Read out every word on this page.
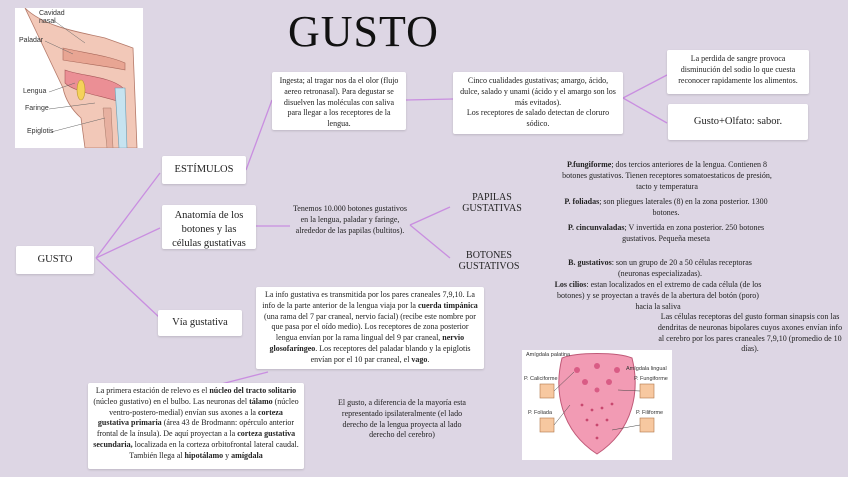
GUSTO
Cavidad nasal
Paladar
Lengua
Faringe
Epiglotis
GUSTO
ESTÍMULOS
Anatomía de los botones y las células gustativas
Vía gustativa
Ingesta; al tragar nos da el olor (flujo aereo retronasal). Para degustar se disuelven las moléculas con saliva para llegar a los receptores de la lengua.
Cinco cualidades gustativas; amargo, ácido, dulce, salado y unami (ácido y el amargo son los más evitados).
Los receptores de salado detectan de cloruro sódico.
La perdida de sangre provoca disminución del sodio lo que cuesta reconocer rapidamente los alimentos.
Gusto+Olfato: sabor.
Tenemos 10.000 botones gustativos en la lengua, paladar y faringe, alrededor de las papilas (bultitos).
PAPILAS GUSTATIVAS
BOTONES GUSTATIVOS
P.fungiforme; dos tercios anteriores de la lengua. Contienen 8 botones gustativos. Tienen receptores somatoestaticos de presión, tacto y temperatura
P. foliadas; son pliegues laterales (8) en la zona posterior. 1300 botones.
P. cincunvaladas; V invertida en zona posterior. 250 botones gustativos. Pequeña meseta
B. gustativos: son un grupo de 20 a 50 células receptoras (neuronas especializadas).
Los cilios: estan localizados en el extremo de cada célula (de los botones) y se proyectan a través de la abertura del botón (poro) hacia la saliva
Las células receptoras del gusto forman sinapsis con las dendritas de neuronas bipolares cuyos axones envían info al cerebro por los pares craneales 7,9,10 (promedio de 10 días).
La info gustativa es transmitida por los pares craneales 7,9,10. La info de la parte anterior de la lengua viaja por la cuerda timpánica (una rama del 7 par craneal, nervio facial) (recibe este nombre por que pasa por el oído medio). Los receptores de zona posterior lengua envían por la rama lingual del 9 par craneal, nervio glosofaríngeo. Los receptores del paladar blando y la epiglotis envían por el 10 par craneal, el vago.
La primera estación de relevo es el núcleo del tracto solitario (núcleo gustativo) en el bulbo. Las neuronas del tálamo (núcleo ventro-postero-medial) envían sus axones a la corteza gustativa primaria (área 43 de Brodmann: opérculo anterior frontal de la ínsula). De aquí proyectan a la corteza gustativa secundaria, localizada en la corteza orbitofrontal lateral caudal. También llega al hipotálamo y amígdala
El gusto, a diferencia de la mayoría esta representado ipsilateralmente (el lado derecho de la lengua proyecta al lado derecho del cerebro)
Amígdala palatina
Amígdala lingual
P. Caliciforme	P. Fungiforme
P. Foliada	P. Filiforme
